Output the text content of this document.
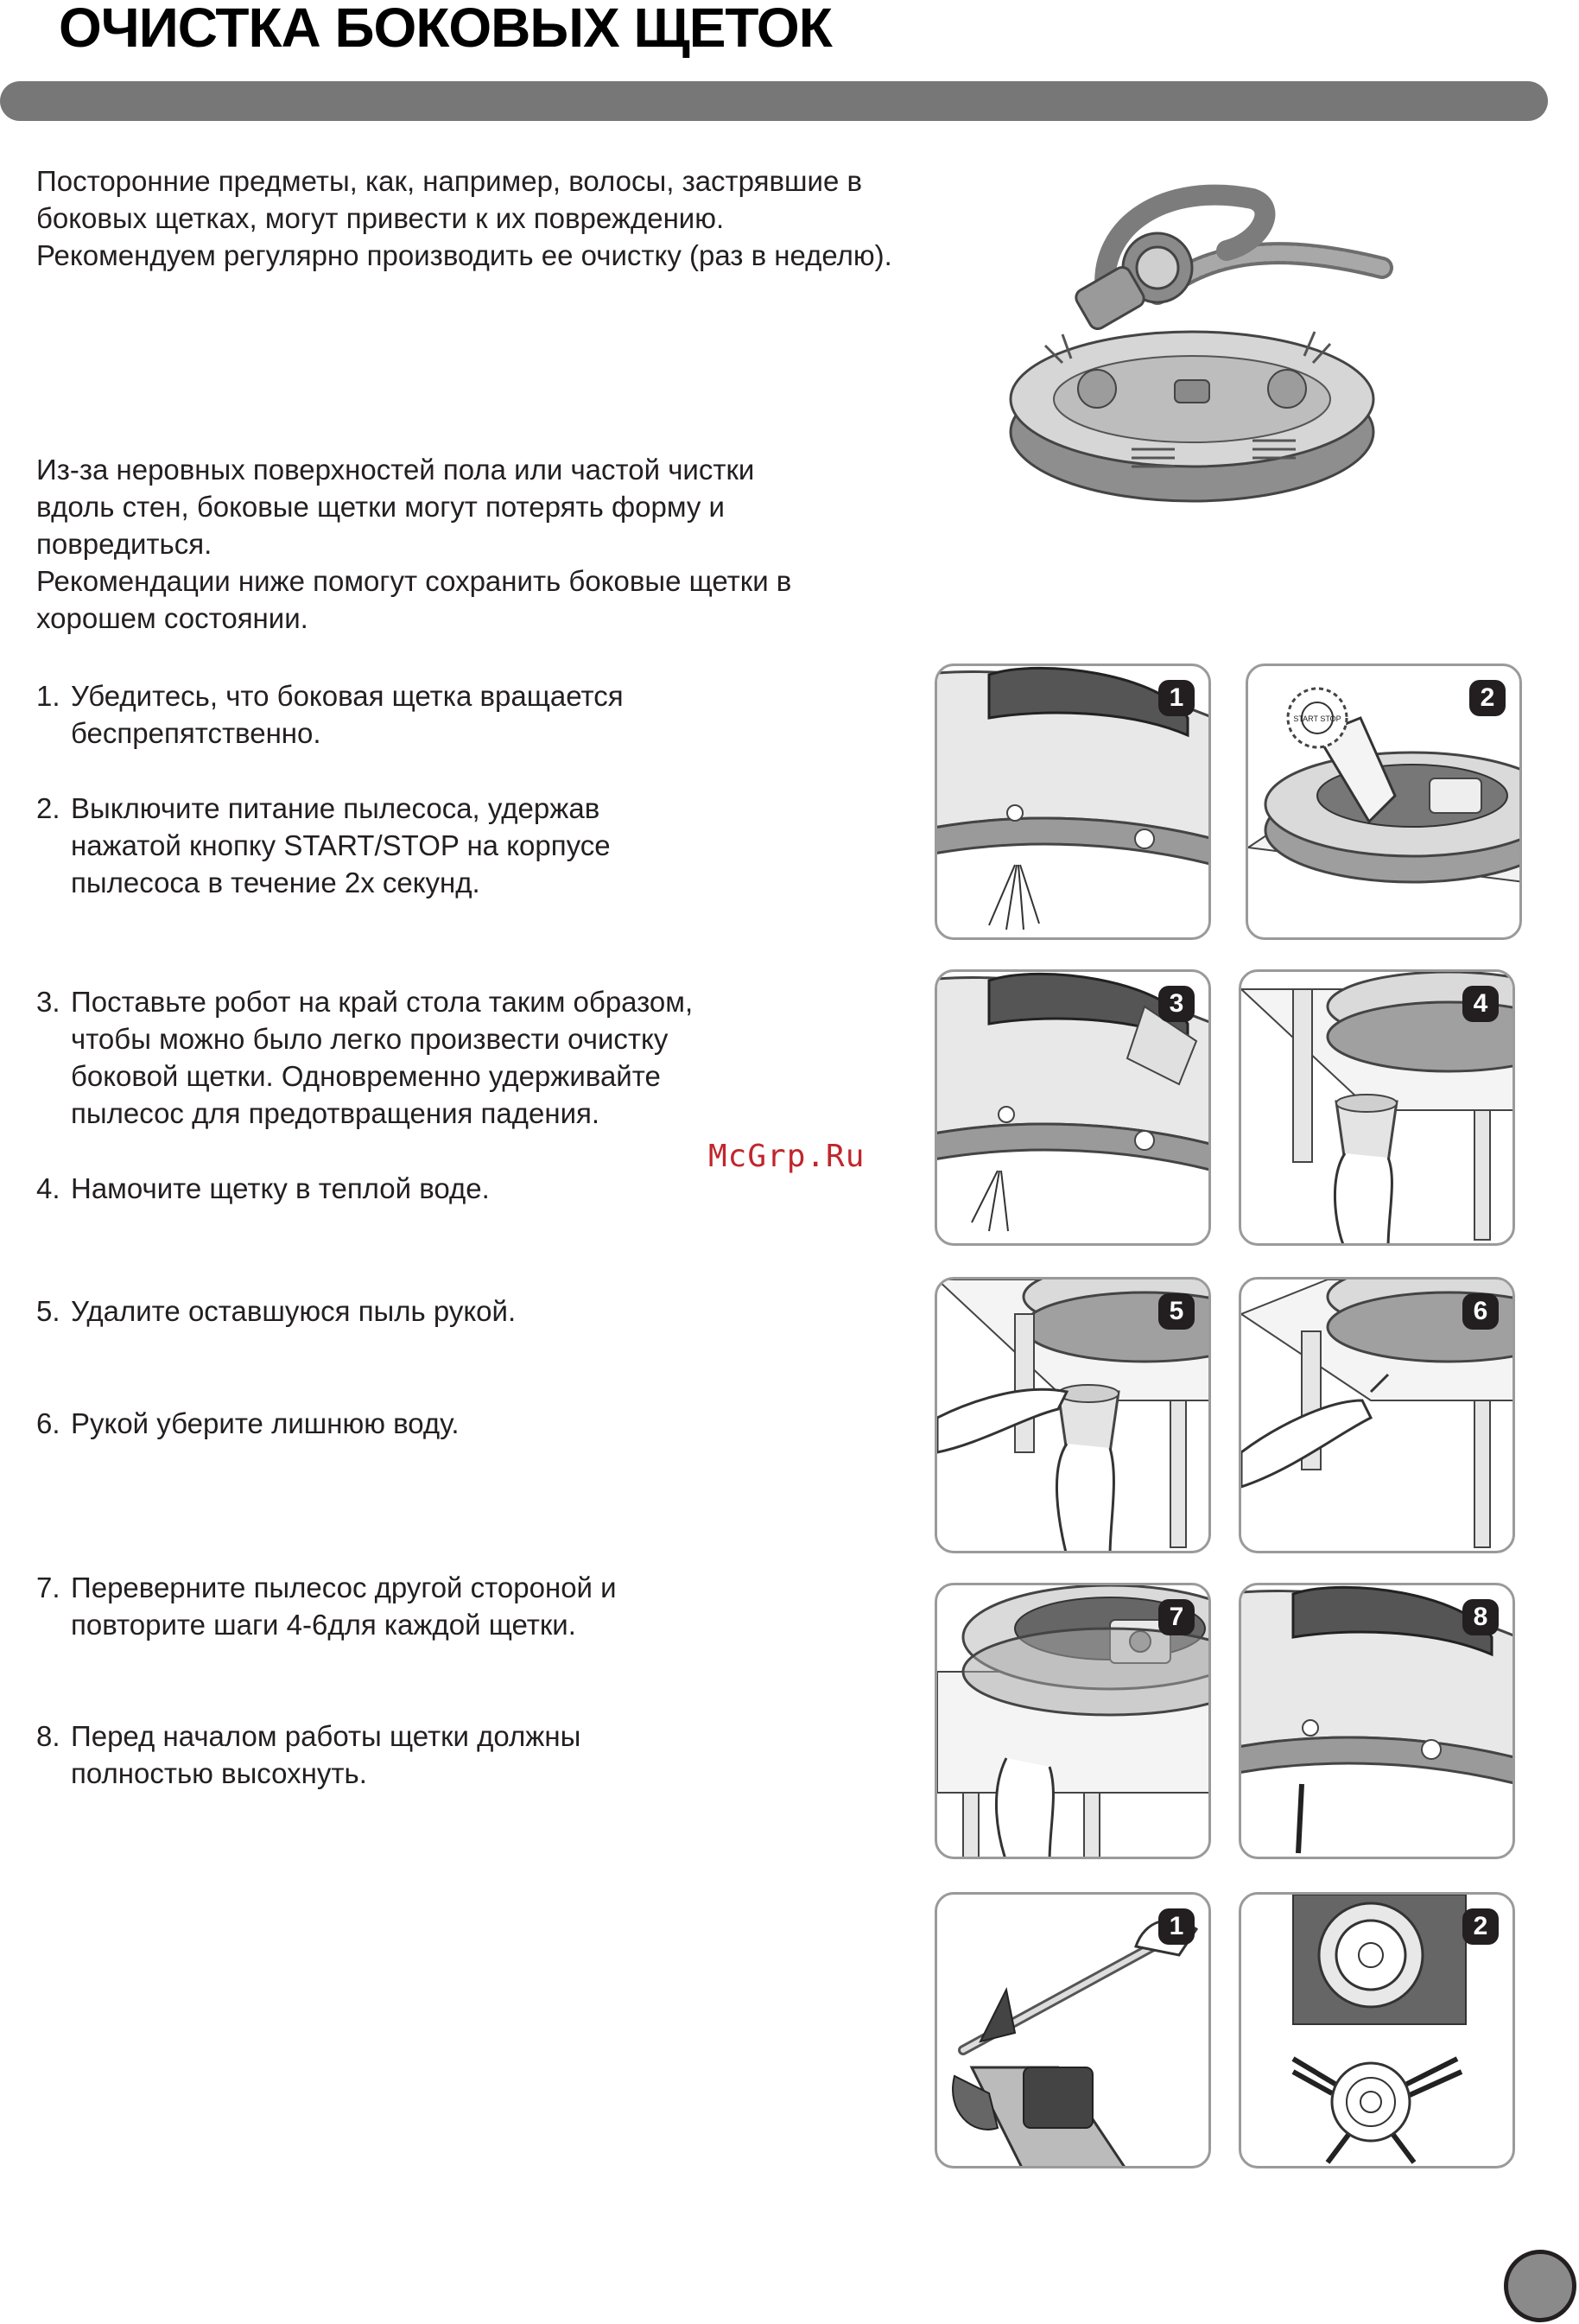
ОЧИСТКА БОКОВЫХ ЩЕТОК

Посторонние предметы, как, например, волосы, застрявшие в

боковых щетках, могут привести к их повреждению.

Рекомендуем регулярно производить ее очистку (раз в неделю).

Из-за неровных поверхностей пола или частой чистки

вдоль стен, боковые щетки могут потерять форму и

повредиться.

Рекомендации ниже помогут сохранить боковые щетки в

хорошем состоянии.

1. Убедитесь, что боковая щетка вращается
беспрепятственно.
2. Выключите питание пылесоса, удержав
нажатой кнопку START/STOP на корпусе
пылесоса в течение 2х секунд.
3. Поставьте робот на край стола таким образом,
чтобы можно было легко произвести очистку
боковой щетки. Одновременно удерживайте
пылесос для предотвращения падения.
4. Намочите щетку в теплой воде.
5. Удалите оставшуюся пыль рукой.
6. Рукой уберите лишнюю воду.
7. Переверните пылесос другой стороной и
повторите шаги 4-6для каждой щетки.
8. Перед началом работы щетки должны
полностью высохнуть.
McGrp.Ru
1
START STOP
2
3	4
5	6
7	8
1	2
